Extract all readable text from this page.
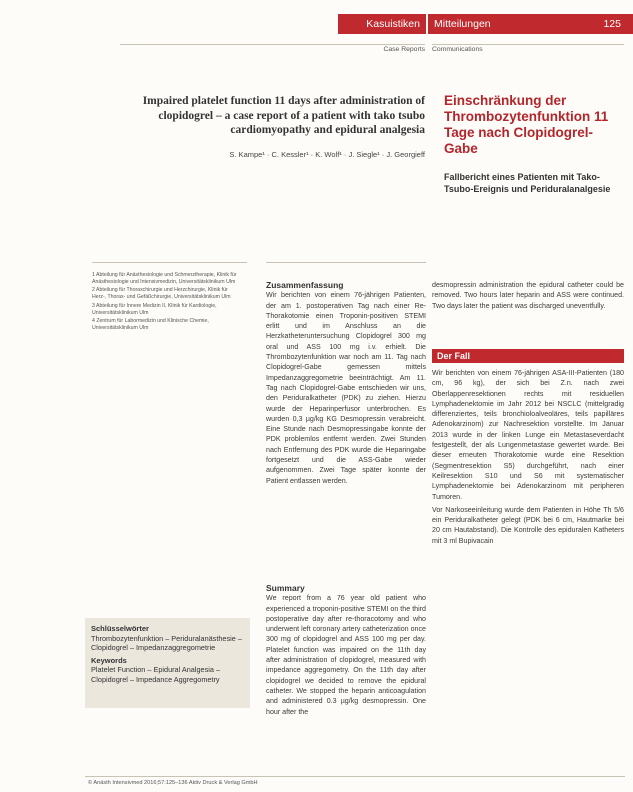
Kasuistiken	Mitteilungen	125
Case Reports Communications
Impaired platelet function 11 days after administration of clopidogrel – a case report of a patient with tako tsubo cardiomyopathy and epidural analgesia
S. Kampe¹ · C. Kessler¹ · K. Wolf¹ · J. Siegle¹ · J. Georgieff
Einschränkung der Thrombozytenfunktion 11 Tage nach Clopidogrel-Gabe
Fallbericht eines Patienten mit Tako-Tsubo-Ereignis und Periduralanalgesie

1 Abteilung für Anästhesiologie und Schmerztherapie, Klinik für Anästhesiologie und Intensivmedizin, Universitätsklinikum Ulm

2 Abteilung für Thoraxchirurgie und Herzchirurgie, Klinik für Herz-, Thorax- und Gefäßchirurgie, Universitätsklinikum Ulm

3 Abteilung für Innere Medizin II, Klinik für Kardiologie, Universitätsklinikum Ulm

4 Zentrum für Labormedizin und Klinische Chemie, Universitätsklinikum Ulm

Zusammenfassung

Wir berichten von einem 76-jährigen Patienten, der am 1. postoperativen Tag nach einer Re-Thorakotomie einen Troponin-positiven STEMI erlitt und im Anschluss an die Herzkatheteruntersuchung Clopidogrel 300 mg oral und ASS 100 mg i.v. erhielt. Die Thrombozytenfunktion war noch am 11. Tag nach Clopidogrel-Gabe gemessen mittels Impedanzaggregometrie beeinträchtigt. Am 11. Tag nach Clopidogrel-Gabe entschieden wir uns, den Periduralkatheter (PDK) zu ziehen. Hierzu wurde der Heparinperfusor unterbrochen. Es wurden 0,3 µg/kg KG Desmopressin verabreicht. Eine Stunde nach Desmopressingabe konnte der PDK problemlos entfernt werden. Zwei Stunden nach Entfernung des PDK wurde die Heparingabe fortgesetzt und die ASS-Gabe wieder aufgenommen. Zwei Tage später konnte der Patient entlassen werden.

Summary

We report from a 76 year old patient who experienced a troponin-positive STEMI on the third postoperative day after re-thoracotomy and who underwent left coronary artery catheterization once 300 mg of clopidogrel and ASS 100 mg per day. Platelet function was impaired on the 11th day after administration of clopidogrel, measured with impedance aggregometry. On the 11th day after clopidogrel we decided to remove the epidural catheter. We stopped the heparin anticoagulation and administered 0.3 µg/kg desmopressin. One hour after the

desmopressin administration the epidural catheter could be removed. Two hours later heparin and ASS were continued. Two days later the patient was discharged uneventfully.

Der Fall

Wir berichten von einem 76-jährigen ASA-III-Patienten (180 cm, 96 kg), der sich bei Z.n. nach zwei Oberlappenresektionen rechts mit residuellen Lymphadenektomie im Jahr 2012 bei NSCLC (mittelgradig differenziertes, teils bronchioloalveoläres, teils papilläres Adenokarzinom) zur Nachresektion vorstellte. Im Januar 2013 wurde in der linken Lunge ein Metastaseverdacht festgestellt, der als Lungenmetastase gewertet wurde. Bei dieser erneuten Thorakotomie wurde eine Resektion (Segmentresektion S5) durchgeführt, nach einer Keilresektion S10 und S6 mit systematischer Lymphadenektomie bei Adenokarzinom mit peripheren Tumoren.

Vor Narkoseeinleitung wurde dem Patienten in Höhe Th 5/6 ein Periduralkatheter gelegt (PDK bei 6 cm, Hautmarke bei 20 cm Hautabstand). Die Kontrolle des epiduralen Katheters mit 3 ml Bupivacain

Schlüsselwörter
Thrombozytenfunktion – Periduralanästhesie – Clopidogrel – Impedanzaggregometrie
Keywords
Platelet Function – Epidural Analgesia – Clopidogrel – Impedance Aggregometry
© Anästh Intensivmed 2016;57:125–136 Aktiv Druck & Verlag GmbH
